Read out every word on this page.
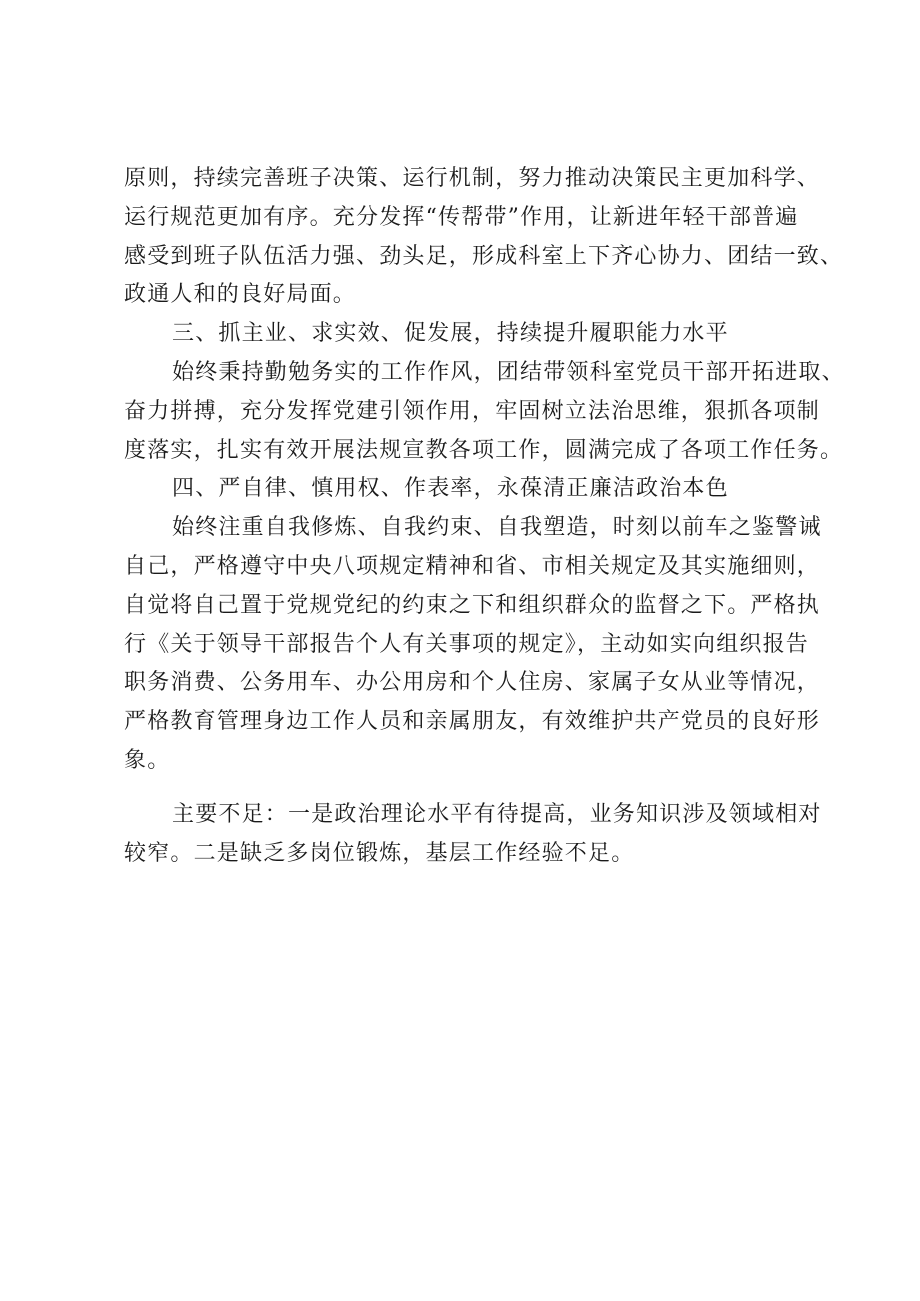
原则，持续完善班子决策、运行机制，努力推动决策民主更加科学、
运行规范更加有序。充分发挥“传帮带”作用，让新进年轻干部普遍
感受到班子队伍活力强、劲头足，形成科室上下齐心协力、团结一致、
政通人和的良好局面。
三、抓主业、求实效、促发展，持续提升履职能力水平
始终秉持勤勉务实的工作作风，团结带领科室党员干部开拓进取、
奋力拼搏，充分发挥党建引领作用，牢固树立法治思维，狠抓各项制
度落实，扎实有效开展法规宣教各项工作，圆满完成了各项工作任务。
四、严自律、慎用权、作表率，永葆清正廉洁政治本色
始终注重自我修炼、自我约束、自我塑造，时刻以前车之鉴警诫
自己，严格遵守中央八项规定精神和省、市相关规定及其实施细则，
自觉将自己置于党规党纪的约束之下和组织群众的监督之下。严格执
行《关于领导干部报告个人有关事项的规定》，主动如实向组织报告
职务消费、公务用车、办公用房和个人住房、家属子女从业等情况，
严格教育管理身边工作人员和亲属朋友，有效维护共产党员的良好形
象。
主要不足：一是政治理论水平有待提高，业务知识涉及领域相对
较窄。二是缺乏多岗位锻炼，基层工作经验不足。
